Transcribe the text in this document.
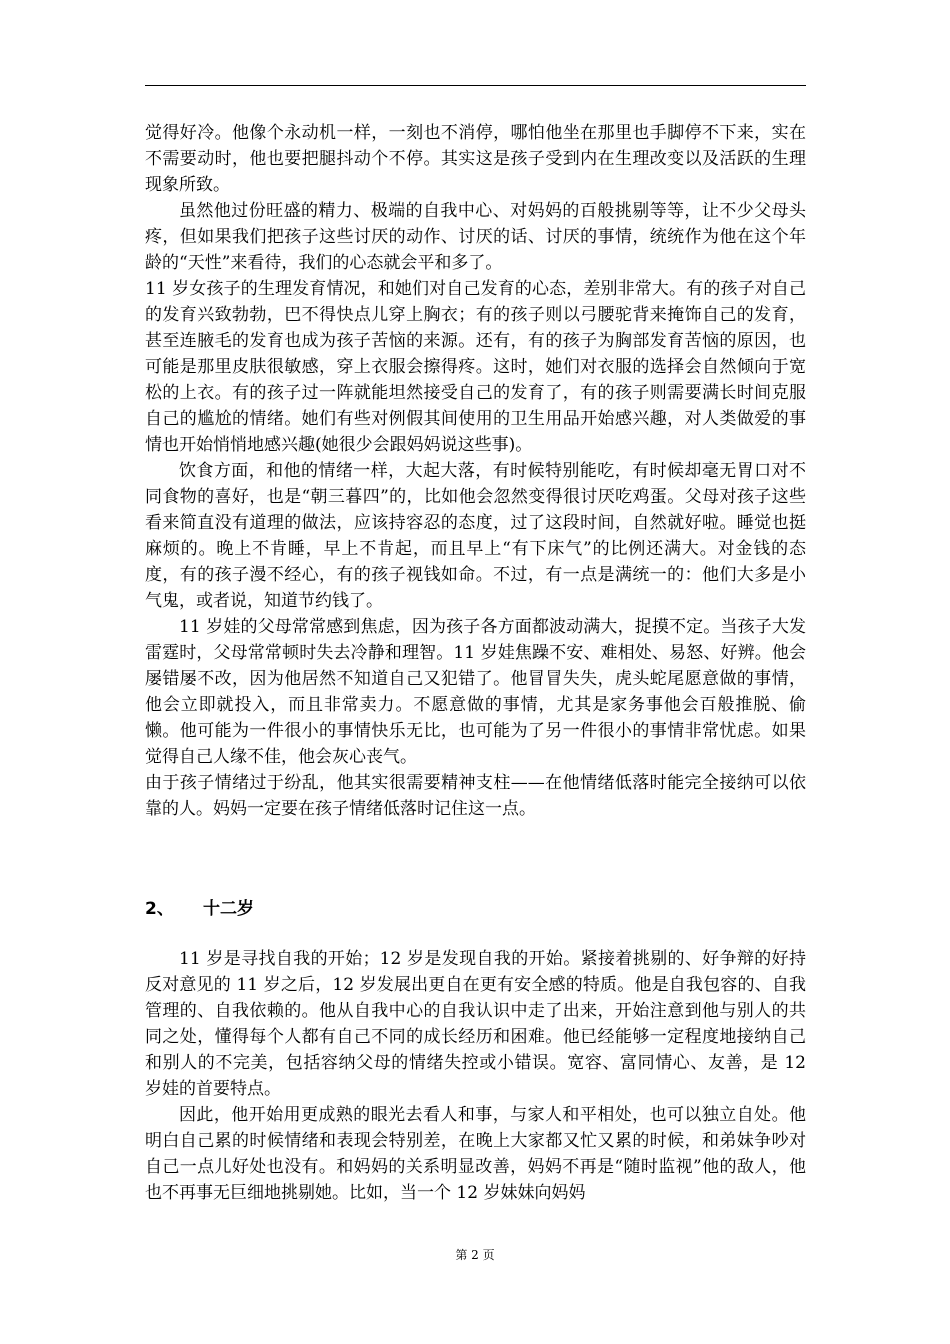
觉得好冷。他像个永动机一样，一刻也不消停，哪怕他坐在那里也手脚停不下来，实在不需要动时，他也要把腿抖动个不停。其实这是孩子受到内在生理改变以及活跃的生理现象所致。

虽然他过份旺盛的精力、极端的自我中心、对妈妈的百般挑剔等等，让不少父母头疼，但如果我们把孩子这些讨厌的动作、讨厌的话、讨厌的事情，统统作为他在这个年龄的“天性”来看待，我们的心态就会平和多了。

11 岁女孩子的生理发育情况，和她们对自己发育的心态，差别非常大。有的孩子对自己的发育兴致勃勃，巴不得快点儿穿上胸衣；有的孩子则以弓腰驼背来掩饰自己的发育，甚至连腋毛的发育也成为孩子苦恼的来源。还有，有的孩子为胸部发育苦恼的原因，也可能是那里皮肤很敏感，穿上衣服会擦得疼。这时，她们对衣服的选择会自然倾向于宽松的上衣。有的孩子过一阵就能坦然接受自己的发育了，有的孩子则需要满长时间克服自己的尴尬的情绪。她们有些对例假其间使用的卫生用品开始感兴趣，对人类做爱的事情也开始悄悄地感兴趣(她很少会跟妈妈说这些事)。

饮食方面，和他的情绪一样，大起大落，有时候特别能吃，有时候却毫无胃口对不同食物的喜好，也是“朝三暮四”的，比如他会忽然变得很讨厌吃鸡蛋。父母对孩子这些看来简直没有道理的做法，应该持容忍的态度，过了这段时间，自然就好啦。睡觉也挺麻烦的。晚上不肯睡，早上不肯起，而且早上“有下床气”的比例还满大。对金钱的态度，有的孩子漫不经心，有的孩子视钱如命。不过，有一点是满统一的：他们大多是小气鬼，或者说，知道节约钱了。

11 岁娃的父母常常感到焦虑，因为孩子各方面都波动满大，捉摸不定。当孩子大发雷霆时，父母常常顿时失去冷静和理智。11 岁娃焦躁不安、难相处、易怒、好辨。他会屡错屡不改，因为他居然不知道自己又犯错了。他冒冒失失，虎头蛇尾愿意做的事情，他会立即就投入，而且非常卖力。不愿意做的事情，尤其是家务事他会百般推脱、偷懒。他可能为一件很小的事情快乐无比，也可能为了另一件很小的事情非常忧虑。如果觉得自己人缘不佳，他会灰心丧气。

由于孩子情绪过于纷乱，他其实很需要精神支柱——在他情绪低落时能完全接纳可以依靠的人。妈妈一定要在孩子情绪低落时记住这一点。

2、 十二岁

11 岁是寻找自我的开始；12 岁是发现自我的开始。紧接着挑剔的、好争辩的好持反对意见的 11 岁之后，12 岁发展出更自在更有安全感的特质。他是自我包容的、自我管理的、自我依赖的。他从自我中心的自我认识中走了出来，开始注意到他与别人的共同之处，懂得每个人都有自己不同的成长经历和困难。他已经能够一定程度地接纳自己和别人的不完美，包括容纳父母的情绪失控或小错误。宽容、富同情心、友善，是 12 岁娃的首要特点。

因此，他开始用更成熟的眼光去看人和事，与家人和平相处，也可以独立自处。他明白自己累的时候情绪和表现会特别差，在晚上大家都又忙又累的时候，和弟妹争吵对自己一点儿好处也没有。和妈妈的关系明显改善，妈妈不再是“随时监视”他的敌人，他也不再事无巨细地挑剔她。比如，当一个 12 岁妹妹向妈妈

第 2 页
